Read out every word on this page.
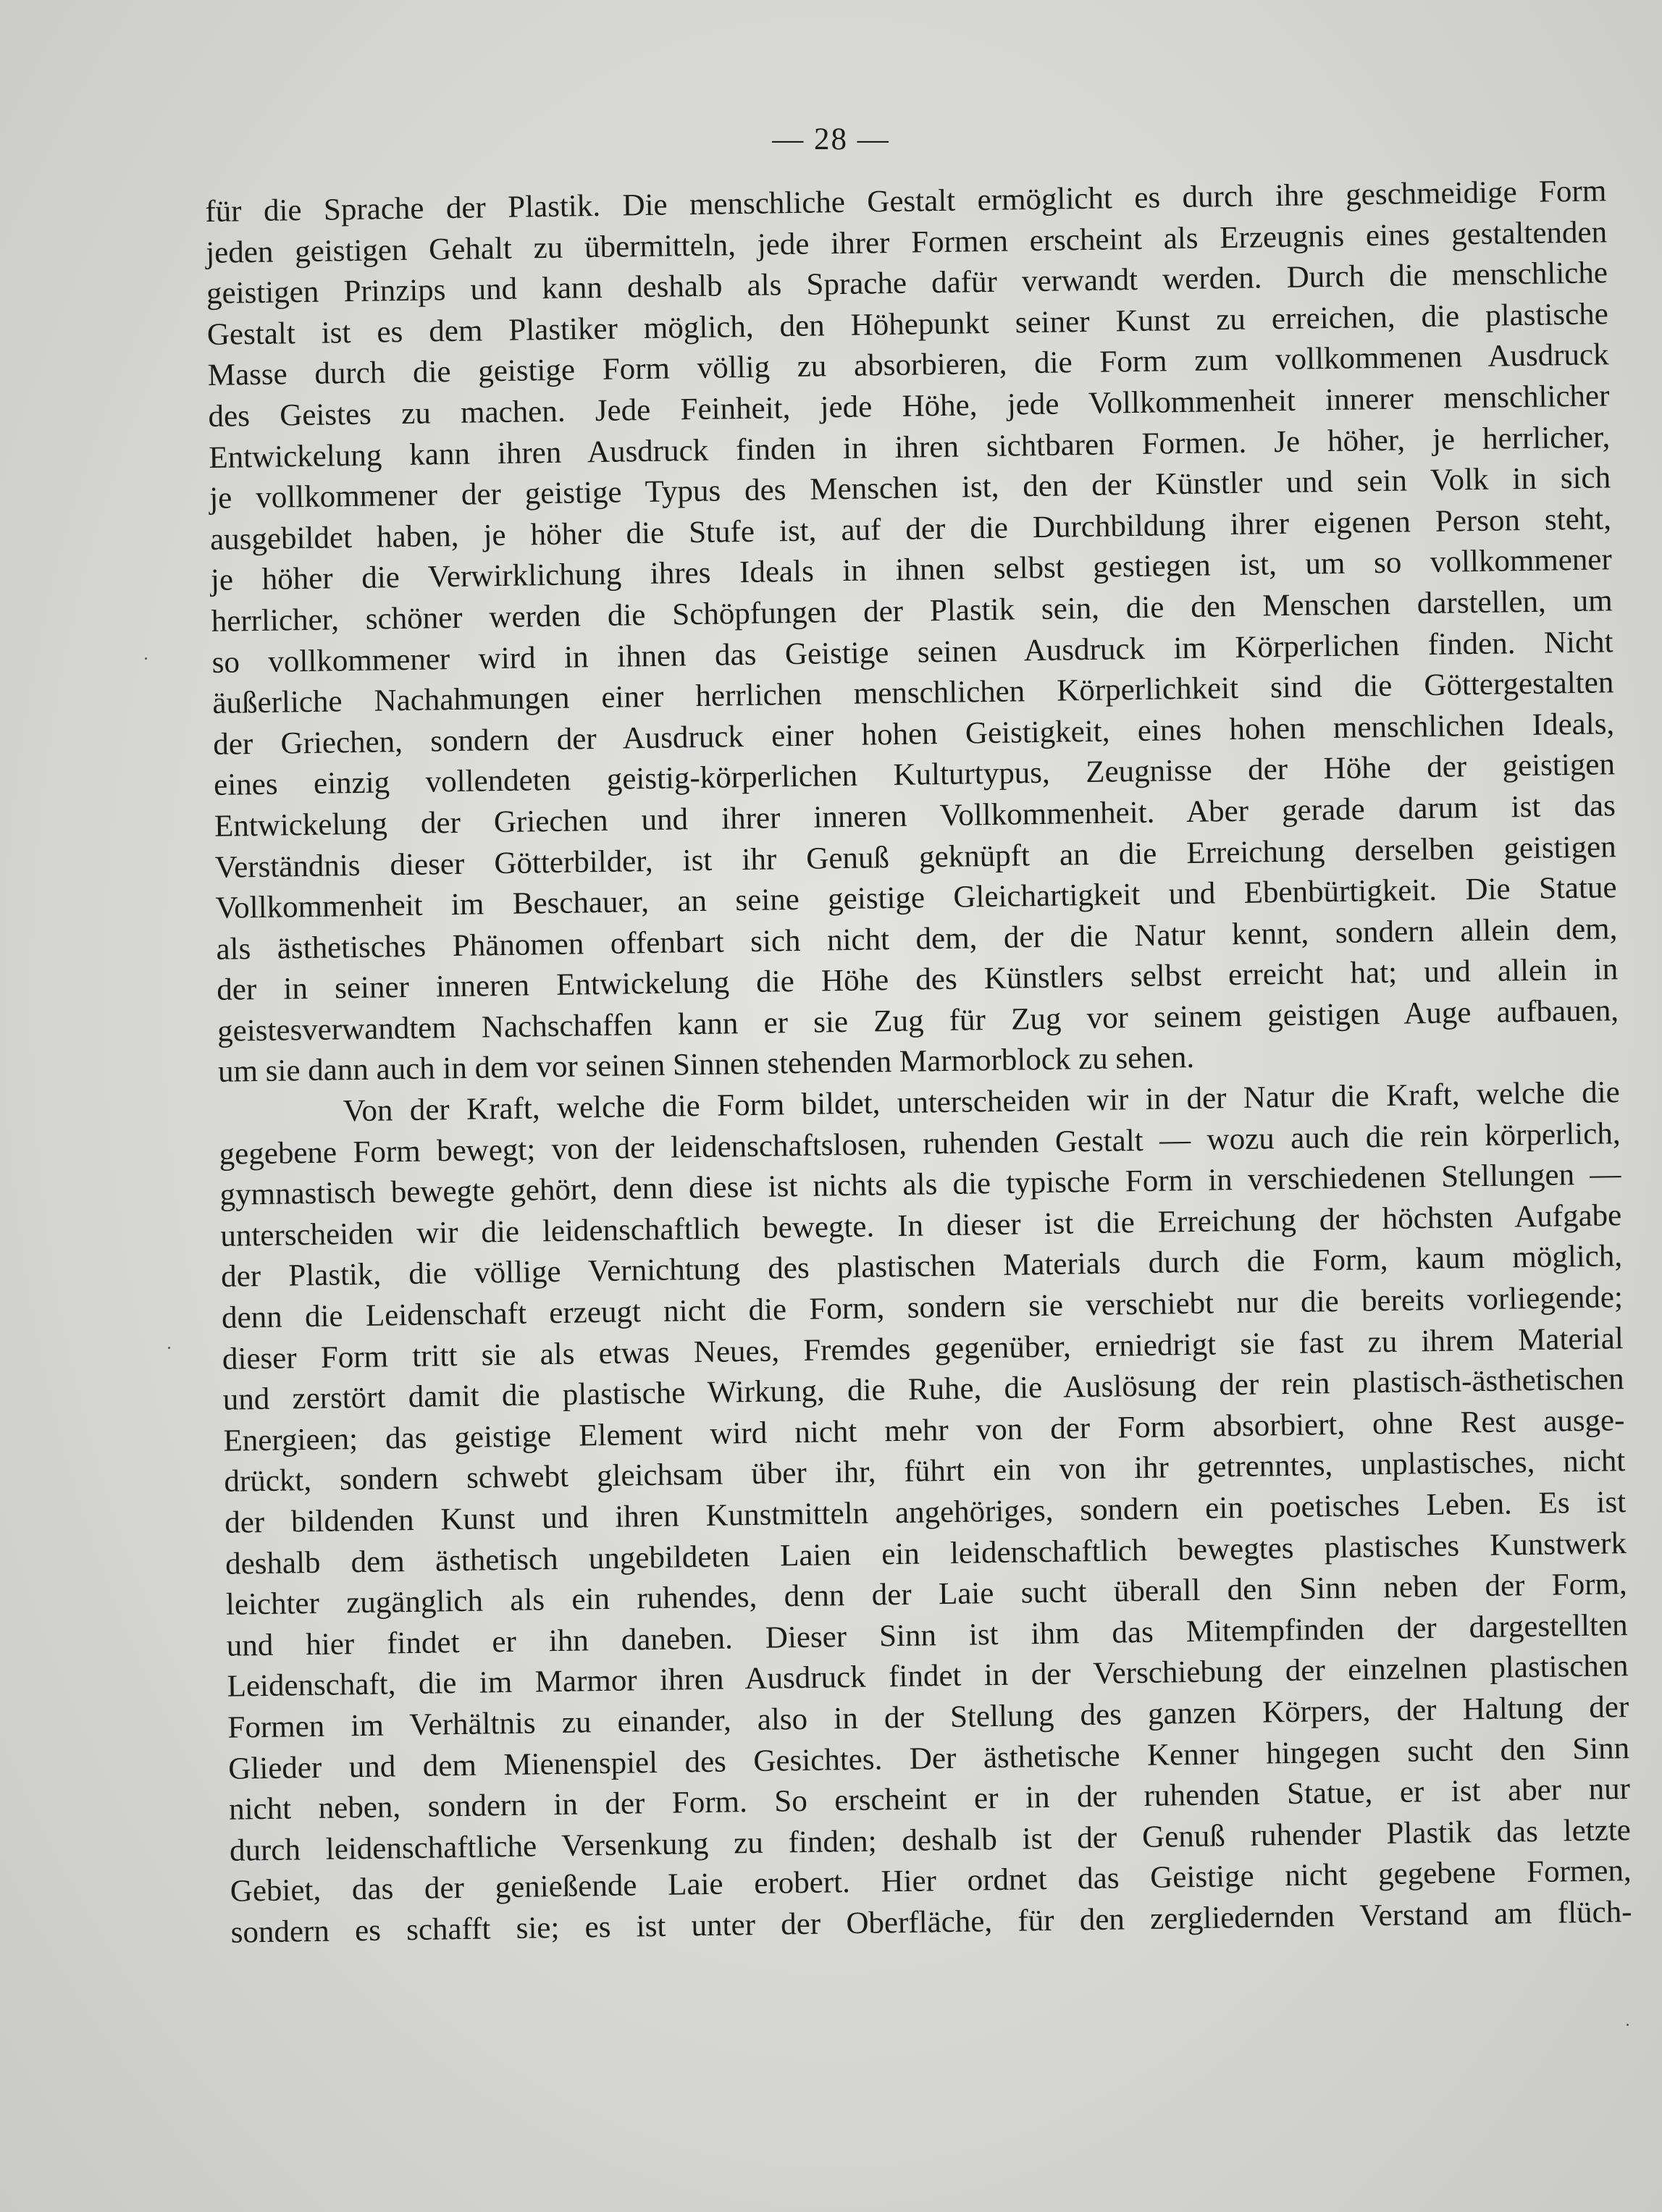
— 28 —
für die Sprache der Plastik. Die menschliche Gestalt ermöglicht es durch ihre geschmeidige Form
jeden geistigen Gehalt zu übermitteln, jede ihrer Formen erscheint als Erzeugnis eines gestaltenden
geistigen Prinzips und kann deshalb als Sprache dafür verwandt werden. Durch die menschliche
Gestalt ist es dem Plastiker möglich, den Höhepunkt seiner Kunst zu erreichen, die plastische
Masse durch die geistige Form völlig zu absorbieren, die Form zum vollkommenen Ausdruck
des Geistes zu machen. Jede Feinheit, jede Höhe, jede Vollkommenheit innerer menschlicher
Entwickelung kann ihren Ausdruck finden in ihren sichtbaren Formen. Je höher, je herrlicher,
je vollkommener der geistige Typus des Menschen ist, den der Künstler und sein Volk in sich
ausgebildet haben, je höher die Stufe ist, auf der die Durchbildung ihrer eigenen Person steht,
je höher die Verwirklichung ihres Ideals in ihnen selbst gestiegen ist, um so vollkommener
herrlicher, schöner werden die Schöpfungen der Plastik sein, die den Menschen darstellen, um
so vollkommener wird in ihnen das Geistige seinen Ausdruck im Körperlichen finden. Nicht
äußerliche Nachahmungen einer herrlichen menschlichen Körperlichkeit sind die Göttergestalten
der Griechen, sondern der Ausdruck einer hohen Geistigkeit, eines hohen menschlichen Ideals,
eines einzig vollendeten geistig-körperlichen Kulturtypus, Zeugnisse der Höhe der geistigen
Entwickelung der Griechen und ihrer inneren Vollkommenheit. Aber gerade darum ist das
Verständnis dieser Götterbilder, ist ihr Genuß geknüpft an die Erreichung derselben geistigen
Vollkommenheit im Beschauer, an seine geistige Gleichartigkeit und Ebenbürtigkeit. Die Statue
als ästhetisches Phänomen offenbart sich nicht dem, der die Natur kennt, sondern allein dem,
der in seiner inneren Entwickelung die Höhe des Künstlers selbst erreicht hat; und allein in
geistesverwandtem Nachschaffen kann er sie Zug für Zug vor seinem geistigen Auge aufbauen,
um sie dann auch in dem vor seinen Sinnen stehenden Marmorblock zu sehen.
Von der Kraft, welche die Form bildet, unterscheiden wir in der Natur die Kraft, welche die
gegebene Form bewegt; von der leidenschaftslosen, ruhenden Gestalt — wozu auch die rein körperlich,
gymnastisch bewegte gehört, denn diese ist nichts als die typische Form in verschiedenen Stellungen —
unterscheiden wir die leidenschaftlich bewegte. In dieser ist die Erreichung der höchsten Aufgabe
der Plastik, die völlige Vernichtung des plastischen Materials durch die Form, kaum möglich,
denn die Leidenschaft erzeugt nicht die Form, sondern sie verschiebt nur die bereits vorliegende;
dieser Form tritt sie als etwas Neues, Fremdes gegenüber, erniedrigt sie fast zu ihrem Material
und zerstört damit die plastische Wirkung, die Ruhe, die Auslösung der rein plastisch-ästhetischen
Energieen; das geistige Element wird nicht mehr von der Form absorbiert, ohne Rest ausge-
drückt, sondern schwebt gleichsam über ihr, führt ein von ihr getrenntes, unplastisches, nicht
der bildenden Kunst und ihren Kunstmitteln angehöriges, sondern ein poetisches Leben. Es ist
deshalb dem ästhetisch ungebildeten Laien ein leidenschaftlich bewegtes plastisches Kunstwerk
leichter zugänglich als ein ruhendes, denn der Laie sucht überall den Sinn neben der Form,
und hier findet er ihn daneben. Dieser Sinn ist ihm das Mitempfinden der dargestellten
Leidenschaft, die im Marmor ihren Ausdruck findet in der Verschiebung der einzelnen plastischen
Formen im Verhältnis zu einander, also in der Stellung des ganzen Körpers, der Haltung der
Glieder und dem Mienenspiel des Gesichtes. Der ästhetische Kenner hingegen sucht den Sinn
nicht neben, sondern in der Form. So erscheint er in der ruhenden Statue, er ist aber nur
durch leidenschaftliche Versenkung zu finden; deshalb ist der Genuß ruhender Plastik das letzte
Gebiet, das der genießende Laie erobert. Hier ordnet das Geistige nicht gegebene Formen,
sondern es schafft sie; es ist unter der Oberfläche, für den zergliedernden Verstand am flüch-
